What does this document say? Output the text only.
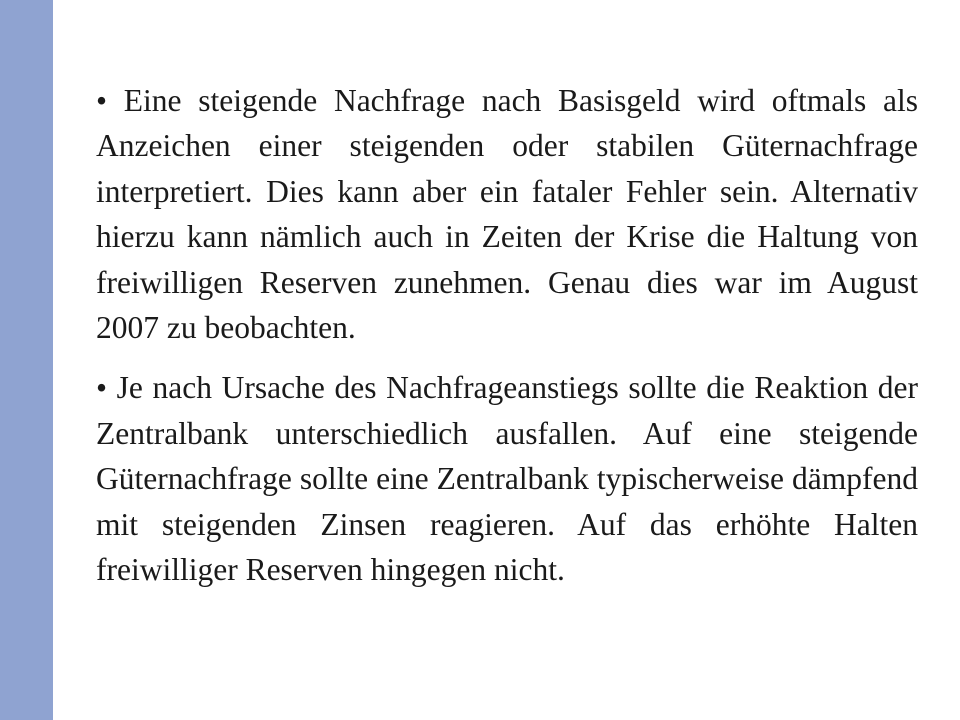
• Eine steigende Nachfrage nach Basisgeld wird oftmals als Anzeichen einer steigenden oder stabilen Güternachfrage interpretiert. Dies kann aber ein fataler Fehler sein. Alternativ hierzu kann nämlich auch in Zeiten der Krise die Haltung von freiwilligen Reserven zunehmen. Genau dies war im August 2007 zu beobachten.

• Je nach Ursache des Nachfrageanstiegs sollte die Reaktion der Zentralbank unterschiedlich ausfallen. Auf eine steigende Güternachfrage sollte eine Zentralbank typischerweise dämpfend mit steigenden Zinsen reagieren. Auf das erhöhte Halten freiwilliger Reserven hingegen nicht.
